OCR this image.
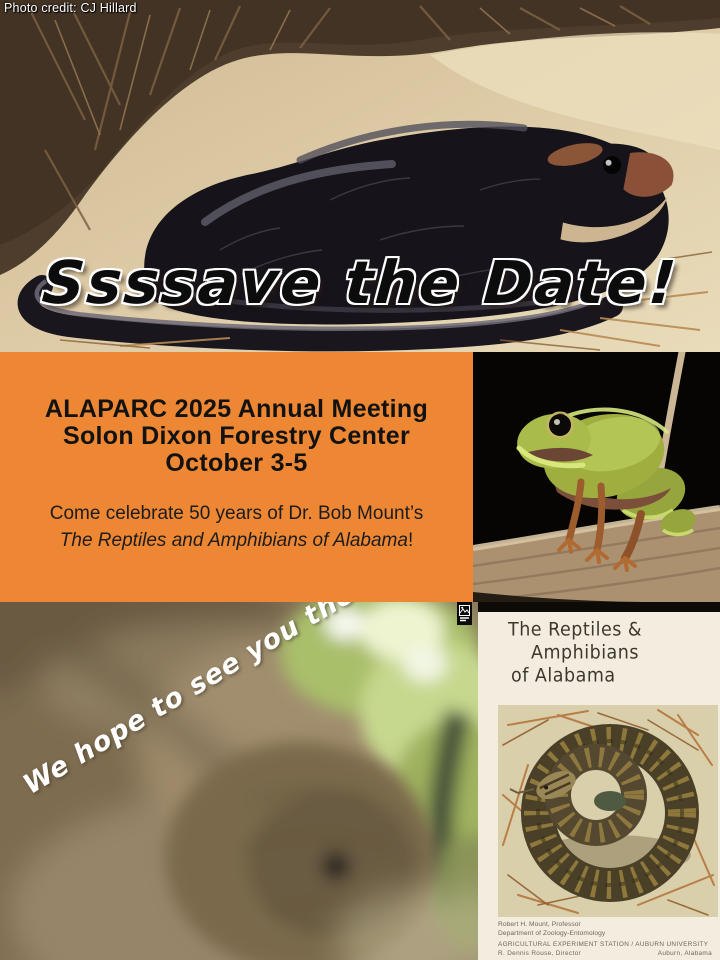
Photo credit: CJ Hillard
Ssssave the Date!
ALAPARC 2025 Annual Meeting
Solon Dixon Forestry Center
October 3-5
Come celebrate 50 years of Dr. Bob Mount’s
The Reptiles and Amphibians of Alabama!
We hope to see you	The Reptiles &
Amphibians
of Alabama
Robert H. Mount, Professor
Department of Zoology-Entomology
AGRICULTURAL EXPERIMENT STATION / AUBURN UNIVERSITY
R. Dennis Rouse, Director	Auburn, Alabama
